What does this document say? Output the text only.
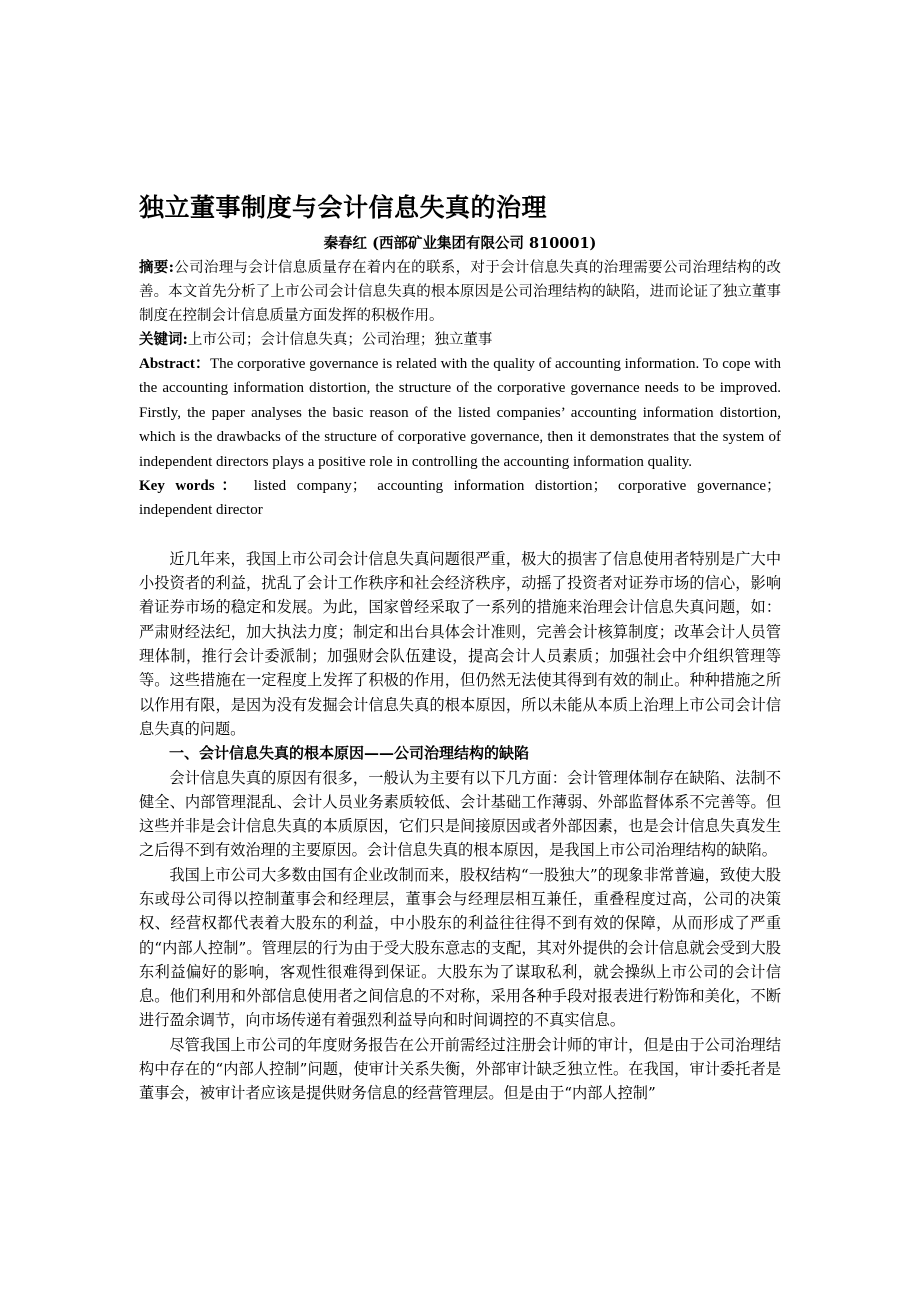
独立董事制度与会计信息失真的治理

秦春红 (西部矿业集团有限公司 810001)

摘要:公司治理与会计信息质量存在着内在的联系，对于会计信息失真的治理需要公司治理结构的改善。本文首先分析了上市公司会计信息失真的根本原因是公司治理结构的缺陷，进而论证了独立董事制度在控制会计信息质量方面发挥的积极作用。

关键词:上市公司；会计信息失真；公司治理；独立董事

Abstract：The corporative governance is related with the quality of accounting information. To cope with the accounting information distortion, the structure of the corporative governance needs to be improved. Firstly, the paper analyses the basic reason of the listed companies’ accounting information distortion, which is the drawbacks of the structure of corporative governance, then it demonstrates that the system of independent directors plays a positive role in controlling the accounting information quality.

Key words： listed company； accounting information distortion； corporative governance；independent director

近几年来，我国上市公司会计信息失真问题很严重，极大的损害了信息使用者特别是广大中小投资者的利益，扰乱了会计工作秩序和社会经济秩序，动摇了投资者对证券市场的信心，影响着证券市场的稳定和发展。为此，国家曾经采取了一系列的措施来治理会计信息失真问题，如：严肃财经法纪，加大执法力度；制定和出台具体会计准则，完善会计核算制度；改革会计人员管理体制，推行会计委派制；加强财会队伍建设，提高会计人员素质；加强社会中介组织管理等等。这些措施在一定程度上发挥了积极的作用，但仍然无法使其得到有效的制止。种种措施之所以作用有限，是因为没有发掘会计信息失真的根本原因，所以未能从本质上治理上市公司会计信息失真的问题。

一、会计信息失真的根本原因——公司治理结构的缺陷

会计信息失真的原因有很多，一般认为主要有以下几方面：会计管理体制存在缺陷、法制不健全、内部管理混乱、会计人员业务素质较低、会计基础工作薄弱、外部监督体系不完善等。但这些并非是会计信息失真的本质原因，它们只是间接原因或者外部因素，也是会计信息失真发生之后得不到有效治理的主要原因。会计信息失真的根本原因，是我国上市公司治理结构的缺陷。

我国上市公司大多数由国有企业改制而来，股权结构“一股独大”的现象非常普遍，致使大股东或母公司得以控制董事会和经理层，董事会与经理层相互兼任，重叠程度过高，公司的决策权、经营权都代表着大股东的利益，中小股东的利益往往得不到有效的保障，从而形成了严重的“内部人控制”。管理层的行为由于受大股东意志的支配，其对外提供的会计信息就会受到大股东利益偏好的影响，客观性很难得到保证。大股东为了谋取私利，就会操纵上市公司的会计信息。他们利用和外部信息使用者之间信息的不对称，采用各种手段对报表进行粉饰和美化，不断进行盈余调节，向市场传递有着强烈利益导向和时间调控的不真实信息。

尽管我国上市公司的年度财务报告在公开前需经过注册会计师的审计，但是由于公司治理结构中存在的“内部人控制”问题，使审计关系失衡，外部审计缺乏独立性。在我国，审计委托者是董事会，被审计者应该是提供财务信息的经营管理层。但是由于“内部人控制”
